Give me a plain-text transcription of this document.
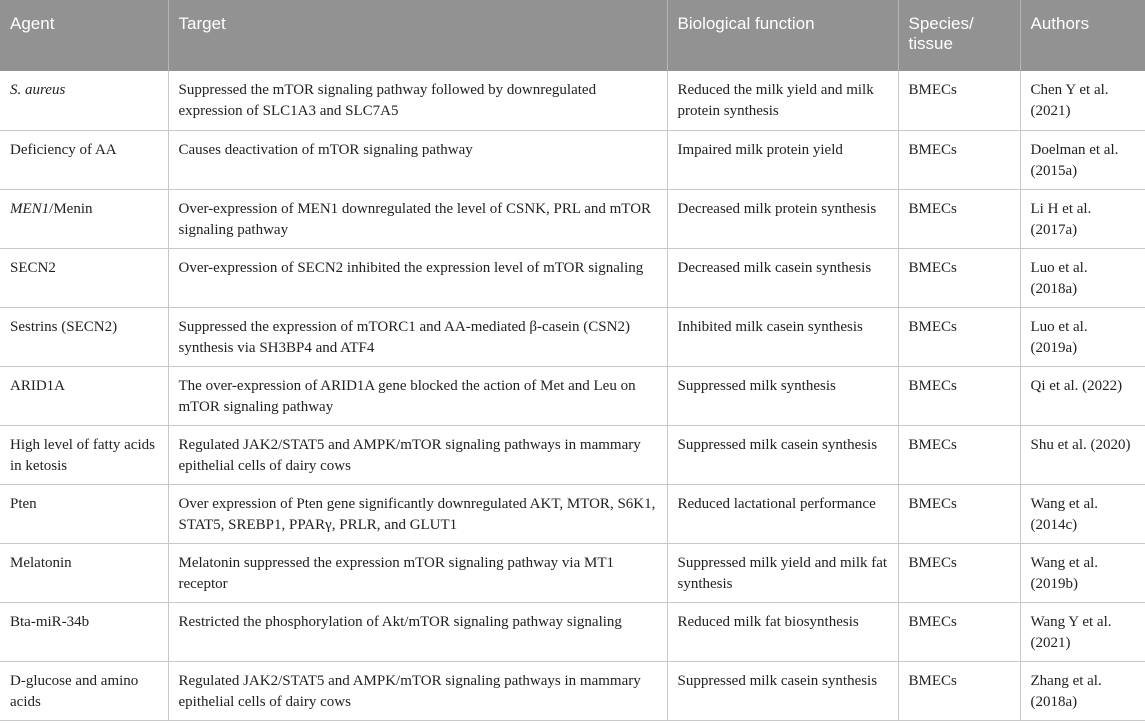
Agent	Target	Biological function	Species/ tissue	Authors
S. aureus	Suppressed the mTOR signaling pathway followed by downregulated expression of SLC1A3 and SLC7A5	Reduced the milk yield and milk protein synthesis	BMECs	Chen Y et al. (2021)
Deficiency of AA	Causes deactivation of mTOR signaling pathway	Impaired milk protein yield	BMECs	Doelman et al. (2015a)
MEN1/Menin	Over-expression of MEN1 downregulated the level of CSNK, PRL and mTOR signaling pathway	Decreased milk protein synthesis	BMECs	Li H et al. (2017a)
SECN2	Over-expression of SECN2 inhibited the expression level of mTOR signaling	Decreased milk casein synthesis	BMECs	Luo et al. (2018a)
Sestrins (SECN2)	Suppressed the expression of mTORC1 and AA-mediated β-casein (CSN2) synthesis via SH3BP4 and ATF4	Inhibited milk casein synthesis	BMECs	Luo et al. (2019a)
ARID1A	The over-expression of ARID1A gene blocked the action of Met and Leu on mTOR signaling pathway	Suppressed milk synthesis	BMECs	Qi et al. (2022)
High level of fatty acids in ketosis	Regulated JAK2/STAT5 and AMPK/mTOR signaling pathways in mammary epithelial cells of dairy cows	Suppressed milk casein synthesis	BMECs	Shu et al. (2020)
Pten	Over expression of Pten gene significantly downregulated AKT, MTOR, S6K1, STAT5, SREBP1, PPARγ, PRLR, and GLUT1	Reduced lactational performance	BMECs	Wang et al. (2014c)
Melatonin	Melatonin suppressed the expression mTOR signaling pathway via MT1 receptor	Suppressed milk yield and milk fat synthesis	BMECs	Wang et al. (2019b)
Bta-miR-34b	Restricted the phosphorylation of Akt/mTOR signaling pathway signaling	Reduced milk fat biosynthesis	BMECs	Wang Y et al. (2021)
D-glucose and amino acids	Regulated JAK2/STAT5 and AMPK/mTOR signaling pathways in mammary epithelial cells of dairy cows	Suppressed milk casein synthesis	BMECs	Zhang et al. (2018a)
